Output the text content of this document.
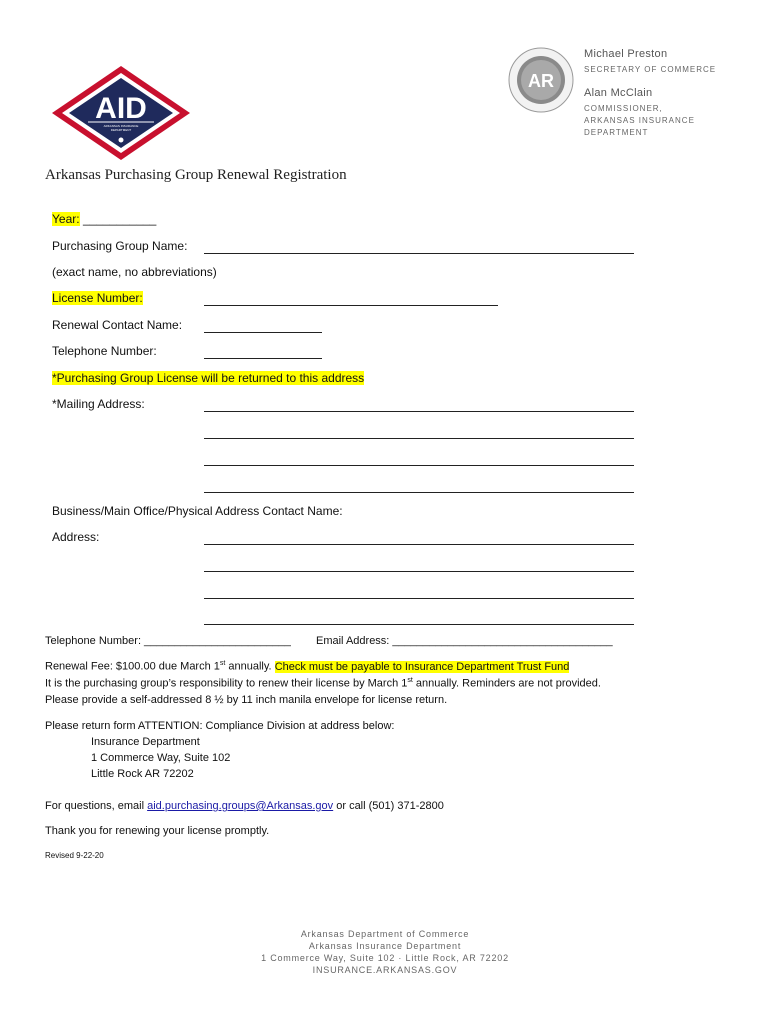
AID
ARKANSAS INSURANCE DEPARTMENT
AR
Michael Preston
SECRETARY OF COMMERCE
Alan McClain
COMMISSIONER,
ARKANSAS INSURANCE
DEPARTMENT
Arkansas Purchasing Group Renewal Registration
Year: ___________
Purchasing Group Name:
(exact name, no abbreviations)
License Number:
Renewal Contact Name:
Telephone Number:
*Purchasing Group License will be returned to this address
*Mailing Address:
Business/Main Office/Physical Address Contact Name:
Address:
Telephone Number: ________________________ Email Address: ____________________________________
Renewal Fee: $100.00 due March 1st annually. Check must be payable to Insurance Department Trust Fund
It is the purchasing group’s responsibility to renew their license by March 1st annually. Reminders are not provided.
Please provide a self-addressed 8 ½ by 11 inch manila envelope for license return.
Please return form ATTENTION: Compliance Division at address below:
Insurance Department
1 Commerce Way, Suite 102
Little Rock AR 72202
For questions, email aid.purchasing.groups@Arkansas.gov or call (501) 371-2800
Thank you for renewing your license promptly.
Revised 9-22-20
Arkansas Department of Commerce
Arkansas Insurance Department
1 Commerce Way, Suite 102 · Little Rock, AR 72202
INSURANCE.ARKANSAS.GOV
